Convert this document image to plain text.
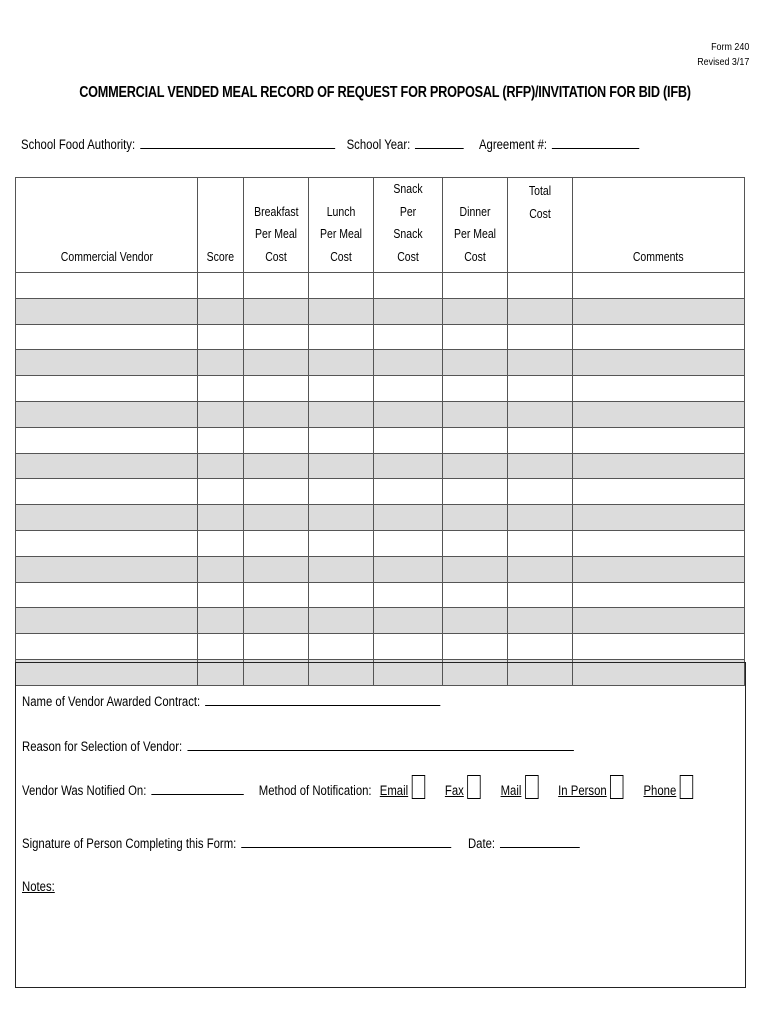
Form 240
Revised 3/17
COMMERCIAL VENDED MEAL RECORD OF REQUEST FOR PROPOSAL (RFP)/INVITATION FOR BID (IFB)
School Food Authority:	School Year:	Agreement #:
Commercial Vendor	Score	Breakfast Per Meal Cost	Lunch Per Meal Cost	Snack Per Snack Cost	Dinner Per Meal Cost	Total Cost	Comments

Name of Vendor Awarded Contract:
Reason for Selection of Vendor:
Vendor Was Notified On:	Method of Notification: Email	Fax	Mail	In Person	Phone
Signature of Person Completing this Form:	Date:
Notes:
